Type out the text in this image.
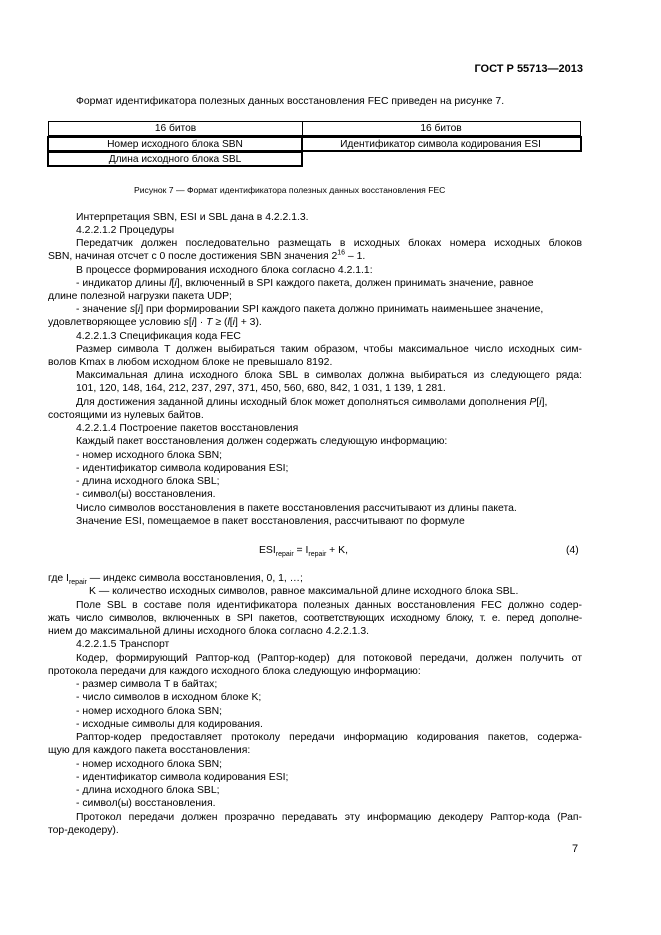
ГОСТ Р 55713—2013
Формат идентификатора полезных данных восстановления FEC приведен на рисунке 7.
16 битов	16 битов
Номер исходного блока SBN	Идентификатор символа кодирования ESI
Длина исходного блока SBL
Рисунок 7 — Формат идентификатора полезных данных восстановления FEC
Интерпретация SBN, ESI и SBL дана в 4.2.2.1.3.
4.2.2.1.2 Процедуры
Передатчик должен последовательно размещать в исходных блоках номера исходных блоков
SBN, начиная отсчет с 0 после достижения SBN значения $2^{16} - 1$.
В процессе формирования исходного блока согласно 4.2.1.1:
- индикатор длины l[i], включенный в SPI каждого пакета, должен принимать значение, равное
длине полезной нагрузки пакета UDP;
- значение s[i] при формировании SPI каждого пакета должно принимать наименьшее значение,
удовлетворяющее условию s[i] · T ≥ (l[i] + 3).
4.2.2.1.3 Спецификация кода FEC
Размер символа T должен выбираться таким образом, чтобы максимальное число исходных сим-
волов Kmax в любом исходном блоке не превышало 8192.
Максимальная длина исходного блока SBL в символах должна выбираться из следующего ряда:
101, 120, 148, 164, 212, 237, 297, 371, 450, 560, 680, 842, 1 031, 1 139, 1 281.
Для достижения заданной длины исходный блок может дополняться символами дополнения P[i],
состоящими из нулевых байтов.
4.2.2.1.4 Построение пакетов восстановления
Каждый пакет восстановления должен содержать следующую информацию:
- номер исходного блока SBN;
- идентификатор символа кодирования ESI;
- длина исходного блока SBL;
- символ(ы) восстановления.
Число символов восстановления в пакете восстановления рассчитывают из длины пакета.
Значение ESI, помещаемое в пакет восстановления, рассчитывают по формуле
$ESI_{repair} = I_{repair} + K$,	(4)
где $I_{repair}$ — индекс символа восстановления, 0, 1, …;
K — количество исходных символов, равное максимальной длине исходного блока SBL.
Поле SBL в составе поля идентификатора полезных данных восстановления FEC должно содер-
жать число символов, включенных в SPI пакетов, соответствующих исходному блоку, т. е. перед дополне-
нием до максимальной длины исходного блока согласно 4.2.2.1.3.
4.2.2.1.5 Транспорт
Кодер, формирующий Раптор-код (Раптор-кодер) для потоковой передачи, должен получить от
протокола передачи для каждого исходного блока следующую информацию:
- размер символа T в байтах;
- число символов в исходном блоке K;
- номер исходного блока SBN;
- исходные символы для кодирования.
Раптор-кодер предоставляет протоколу передачи информацию кодирования пакетов, содержа-
щую для каждого пакета восстановления:
- номер исходного блока SBN;
- идентификатор символа кодирования ESI;
- длина исходного блока SBL;
- символ(ы) восстановления.
Протокол передачи должен прозрачно передавать эту информацию декодеру Раптор-кода (Рап-
тор-декодеру).
7
